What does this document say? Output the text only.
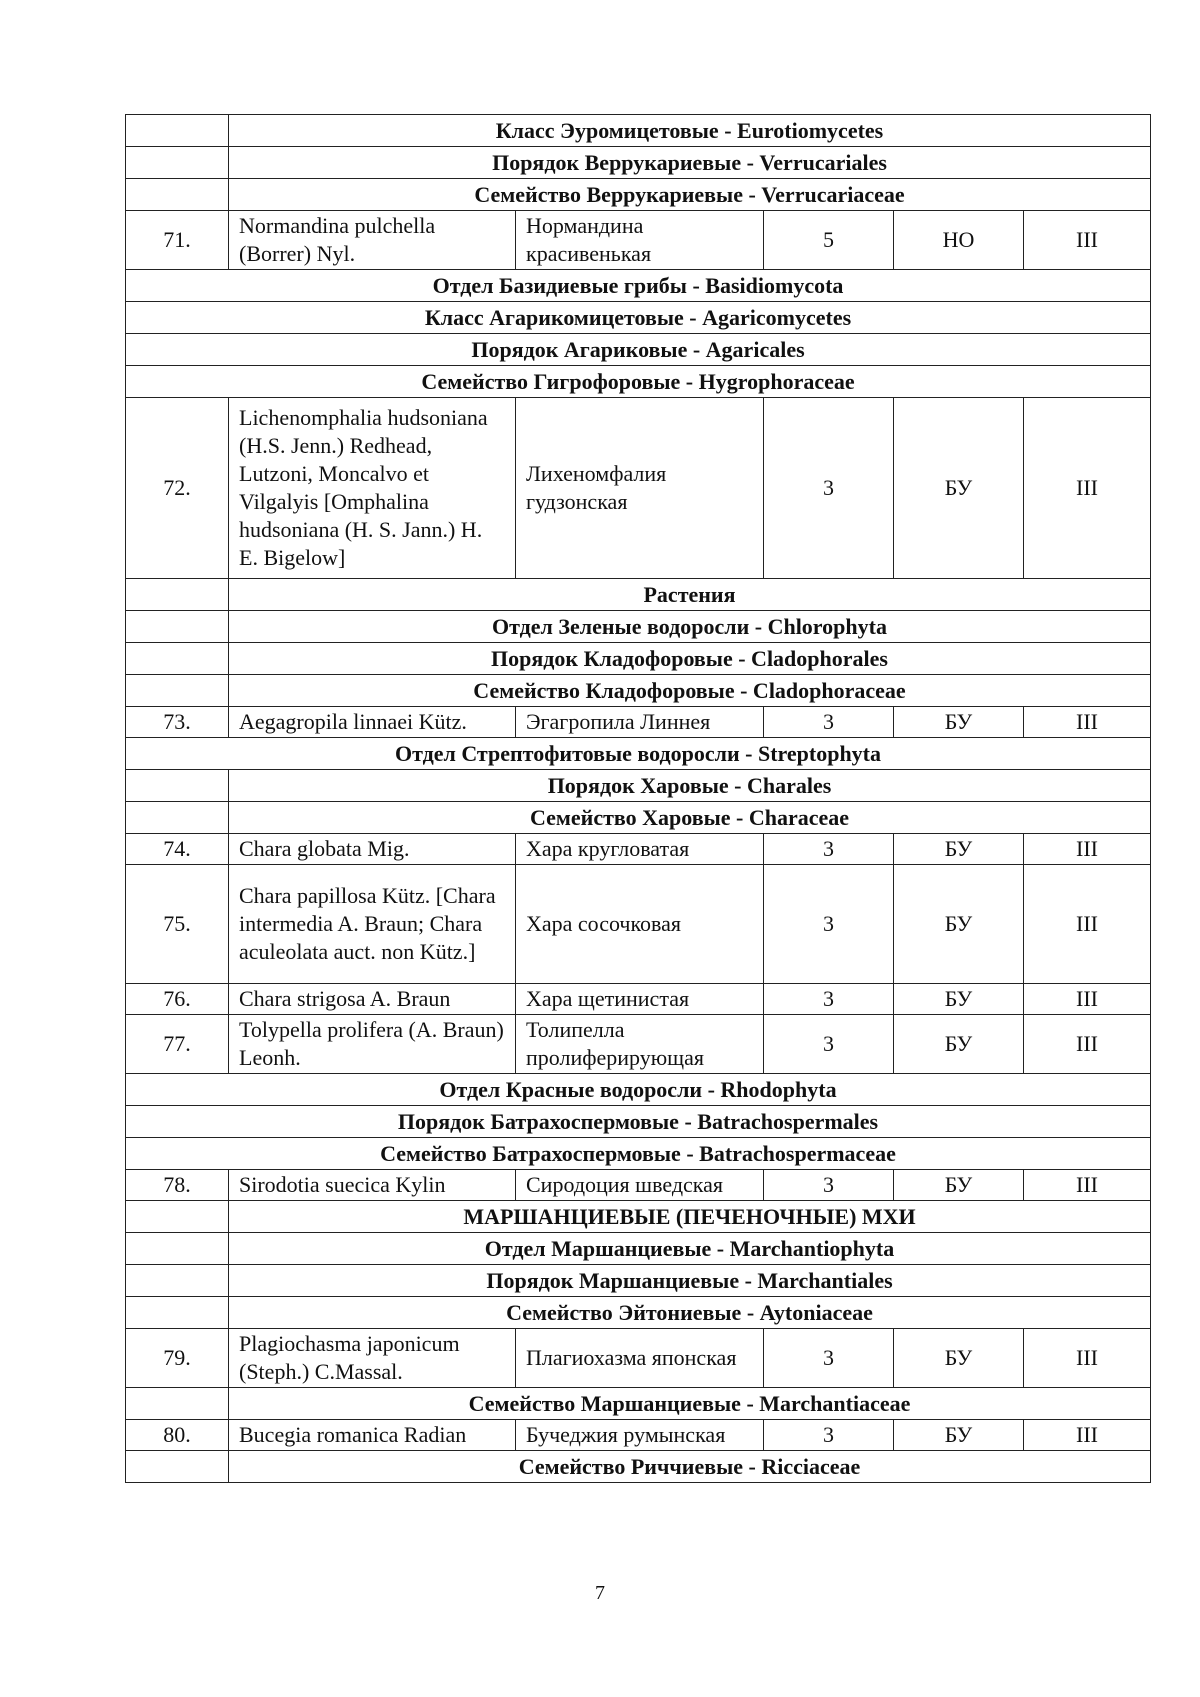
	Класс Эуромицетовые - Eurotiomycetes				
	Порядок Веррукариевые - Verrucariales				
	Семейство Веррукариевые - Verrucariaceae				
71.	Normandina pulchella (Borrer) Nyl.	Нормандина красивенькая	5	НО	III
Отдел Базидиевые грибы - Basidiomycota					
Класс Агарикомицетовые - Agaricomycetes					
Порядок Агариковые - Agaricales					
Семейство Гигрофоровые - Hygrophoraceae					
72.	Lichenomphalia hudsoniana (H.S. Jenn.) Redhead, Lutzoni, Moncalvo et Vilgalyis [Omphalina hudsoniana (H. S. Jann.) H. E. Bigelow]	Лихеномфалия гудзонская	3	БУ	III
	Растения				
	Отдел Зеленые водоросли - Chlorophyta				
	Порядок Кладофоровые - Cladophorales				
	Семейство Кладофоровые - Cladophoraceae				
73.	Aegagropila linnaei Kütz.	Эгагропила Линнея	3	БУ	III
Отдел Стрептофитовые водоросли - Streptophyta					
	Порядок Харовые - Charales				
	Семейство Харовые - Characeae				
74.	Chara globata Mig.	Хара кругловатая	3	БУ	III
75.	Chara papillosa Kütz. [Chara intermedia A. Braun; Chara aculeolata auct. non Kütz.]	Хара сосочковая	3	БУ	III
76.	Chara strigosa A. Braun	Хара щетинистая	3	БУ	III
77.	Tolypella prolifera (A. Braun) Leonh.	Толипелла пролиферирующая	3	БУ	III
Отдел Красные водоросли - Rhodophyta					
Порядок Батрахоспермовые - Batrachospermales					
Семейство Батрахоспермовые - Batrachospermaceae					
78.	Sirodotia suecica Kylin	Сиродоция шведская	3	БУ	III
	МАРШАНЦИЕВЫЕ (ПЕЧЕНОЧНЫЕ) МХИ				
	Отдел Маршанциевые - Marchantiophyta				
	Порядок Маршанциевые - Marchantiales				
	Семейство Эйтониевые - Aytoniaceae				
79.	Plagiochasma japonicum (Steph.) C.Massal.	Плагиохазма японская	3	БУ	III
	Семейство Маршанциевые - Marchantiaceae				
80.	Bucegia romanica Radian	Бучеджия румынская	3	БУ	III
	Семейство Риччиевые - Ricciaceae				
7
